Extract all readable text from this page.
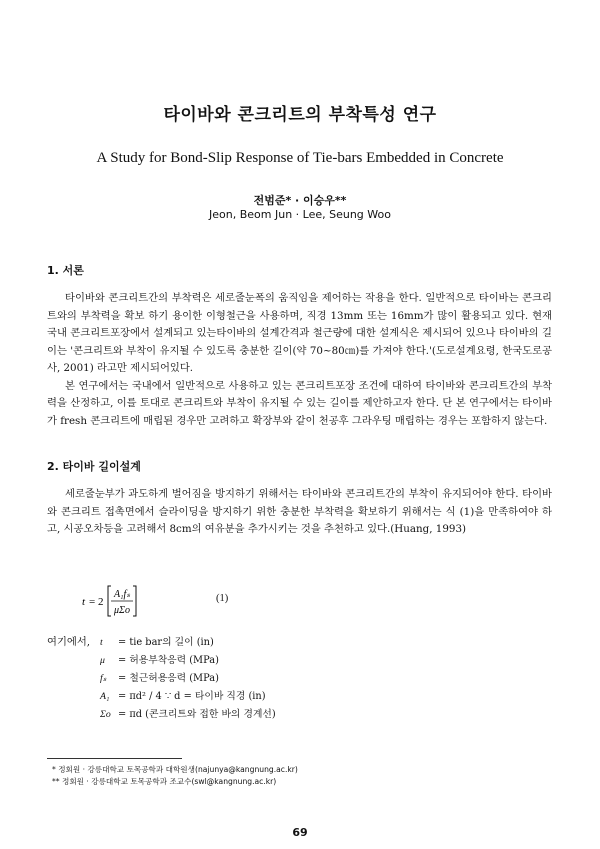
타이바와 콘크리트의 부착특성 연구
A Study for Bond-Slip Response of Tie-bars Embedded in Concrete
전범준* · 이승우**
Jeon, Beom Jun · Lee, Seung Woo
1. 서론

타이바와 콘크리트간의 부착력은 세로줄눈폭의 움직임을 제어하는 작용을 한다. 일반적으로 타이바는 콘크리트와의 부착력을 확보 하기 용이한 이형철근을 사용하며, 직경 13mm 또는 16mm가 많이 활용되고 있다. 현재 국내 콘크리트포장에서 설계되고 있는타이바의 설계간격과 철근량에 대한 설계식은 제시되어 있으나 타이바의 길이는 '콘크리트와 부착이 유지될 수 있도록 충분한 길이(약 70~80㎝)를 가져야 한다.'(도로설계요령, 한국도로공사, 2001) 라고만 제시되어있다.

본 연구에서는 국내에서 일반적으로 사용하고 있는 콘크리트포장 조건에 대하여 타이바와 콘크리트간의 부착력을 산정하고, 이를 토대로 콘크리트와 부착이 유지될 수 있는 길이를 제안하고자 한다. 단 본 연구에서는 타이바가 fresh 콘크리트에 매립된 경우만 고려하고 확장부와 같이 천공후 그라우팅 매립하는 경우는 포함하지 않는다.

2. 타이바 길이설계

세로줄눈부가 과도하게 벌어짐을 방지하기 위해서는 타이바와 콘크리트간의 부착이 유지되어야 한다. 타이바와 콘크리트 접촉면에서 슬라이딩을 방지하기 위한 충분한 부착력을 확보하기 위해서는 식 (1)을 만족하여야 하고, 시공오차등을 고려해서 8cm의 여유분을 추가시키는 것을 추천하고 있다.(Huang, 1993)

t = 2
A₁fₛ
μΣo
(1)
여기에서, t = tie bar의 길이 (in)
μ = 허용부착응력 (MPa)
fₛ = 철근허용응력 (MPa)
A₁ = πd² / 4 ∵ d = 타이바 직경 (in)
Σo = πd (콘크리트와 접한 바의 경계선)
* 정회원 · 강릉대학교 토목공학과 대학원생(najunya@kangnung.ac.kr)
** 정회원 · 강릉대학교 토목공학과 조교수(swl@kangnung.ac.kr)
69
